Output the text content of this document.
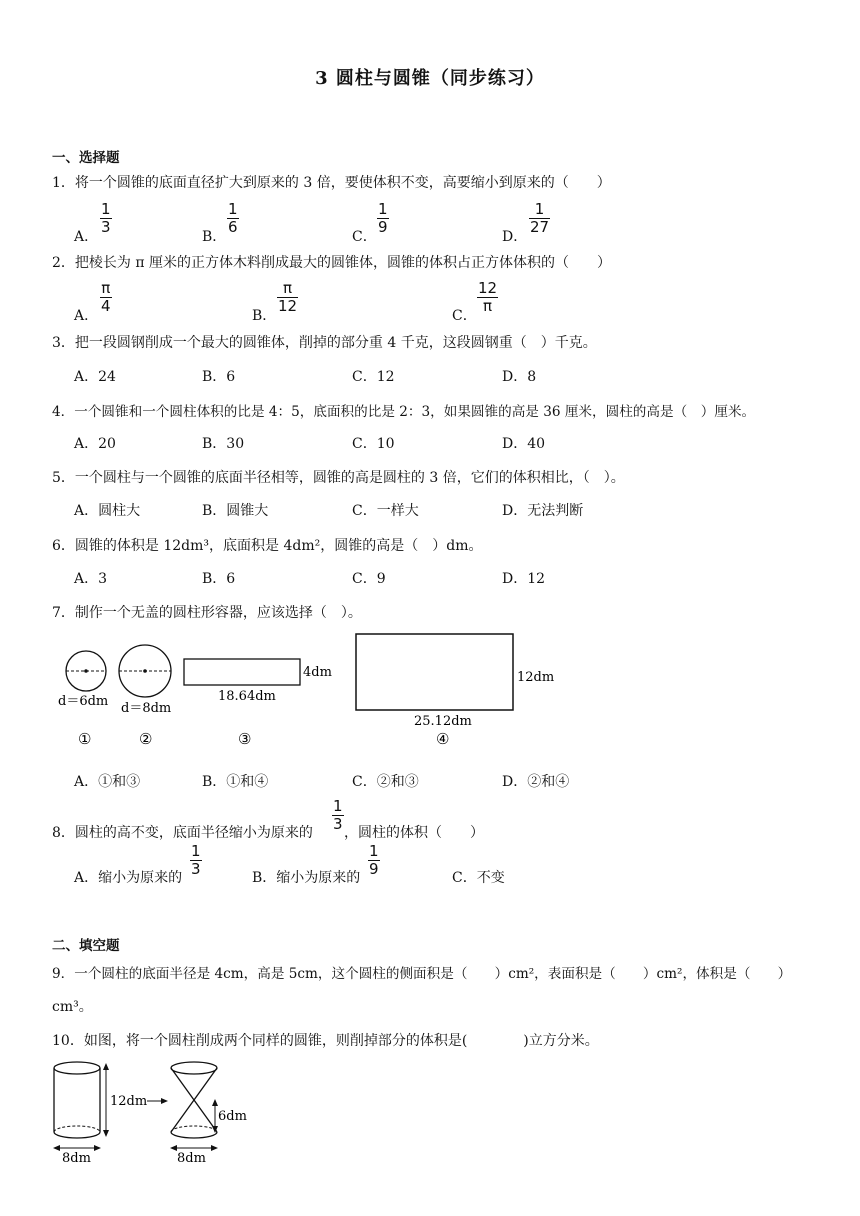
3 圆柱与圆锥（同步练习）
一、选择题
1．将一个圆锥的底面直径扩大到原来的 3 倍，要使体积不变，高要缩小到原来的（　　）
A．
$\frac{1}{3}$
B．
$\frac{1}{6}$
C．
$\frac{1}{9}$
D．
$\frac{1}{27}$
2．把棱长为 π 厘米的正方体木料削成最大的圆锥体，圆锥的体积占正方体体积的（　　）
A．
$\frac{\pi}{4}$
B．
$\frac{\pi}{12}$
C．
$\frac{12}{\pi}$
3．把一段圆钢削成一个最大的圆锥体，削掉的部分重 4 千克，这段圆钢重（　）千克。
A．24	B．6	C．12	D．8
4．一个圆锥和一个圆柱体积的比是 4：5，底面积的比是 2：3，如果圆锥的高是 36 厘米，圆柱的高是（　）厘米。
A．20	B．30	C．10	D．40
5．一个圆柱与一个圆锥的底面半径相等，圆锥的高是圆柱的 3 倍，它们的体积相比，（　）。
A．圆柱大	B．圆锥大	C．一样大	D．无法判断
6．圆锥的体积是 12dm³，底面积是 4dm²，圆锥的高是（　）dm。
A．3	B．6	C．9	D．12
7．制作一个无盖的圆柱形容器，应该选择（　）。
d＝6dm d＝8dm
4dm
18.64dm
12dm
25.12dm
①	②	③	④
A．①和③	B．①和④	C．②和③	D．②和④
8．圆柱的高不变，底面半径缩小为原来的 $\frac{1}{3}$ ，圆柱的体积（　　）
A．缩小为原来的 $\frac{1}{3}$	B．缩小为原来的 $\frac{1}{9}$	C．不变
二、填空题
9．一个圆柱的底面半径是 4cm，高是 5cm，这个圆柱的侧面积是（　　）cm²，表面积是（　　）cm²，体积是（　　）
cm³。
10．如图，将一个圆柱削成两个同样的圆锥，则削掉部分的体积是(　　　　)立方分米。
12dm
8dm
6dm
8dm
